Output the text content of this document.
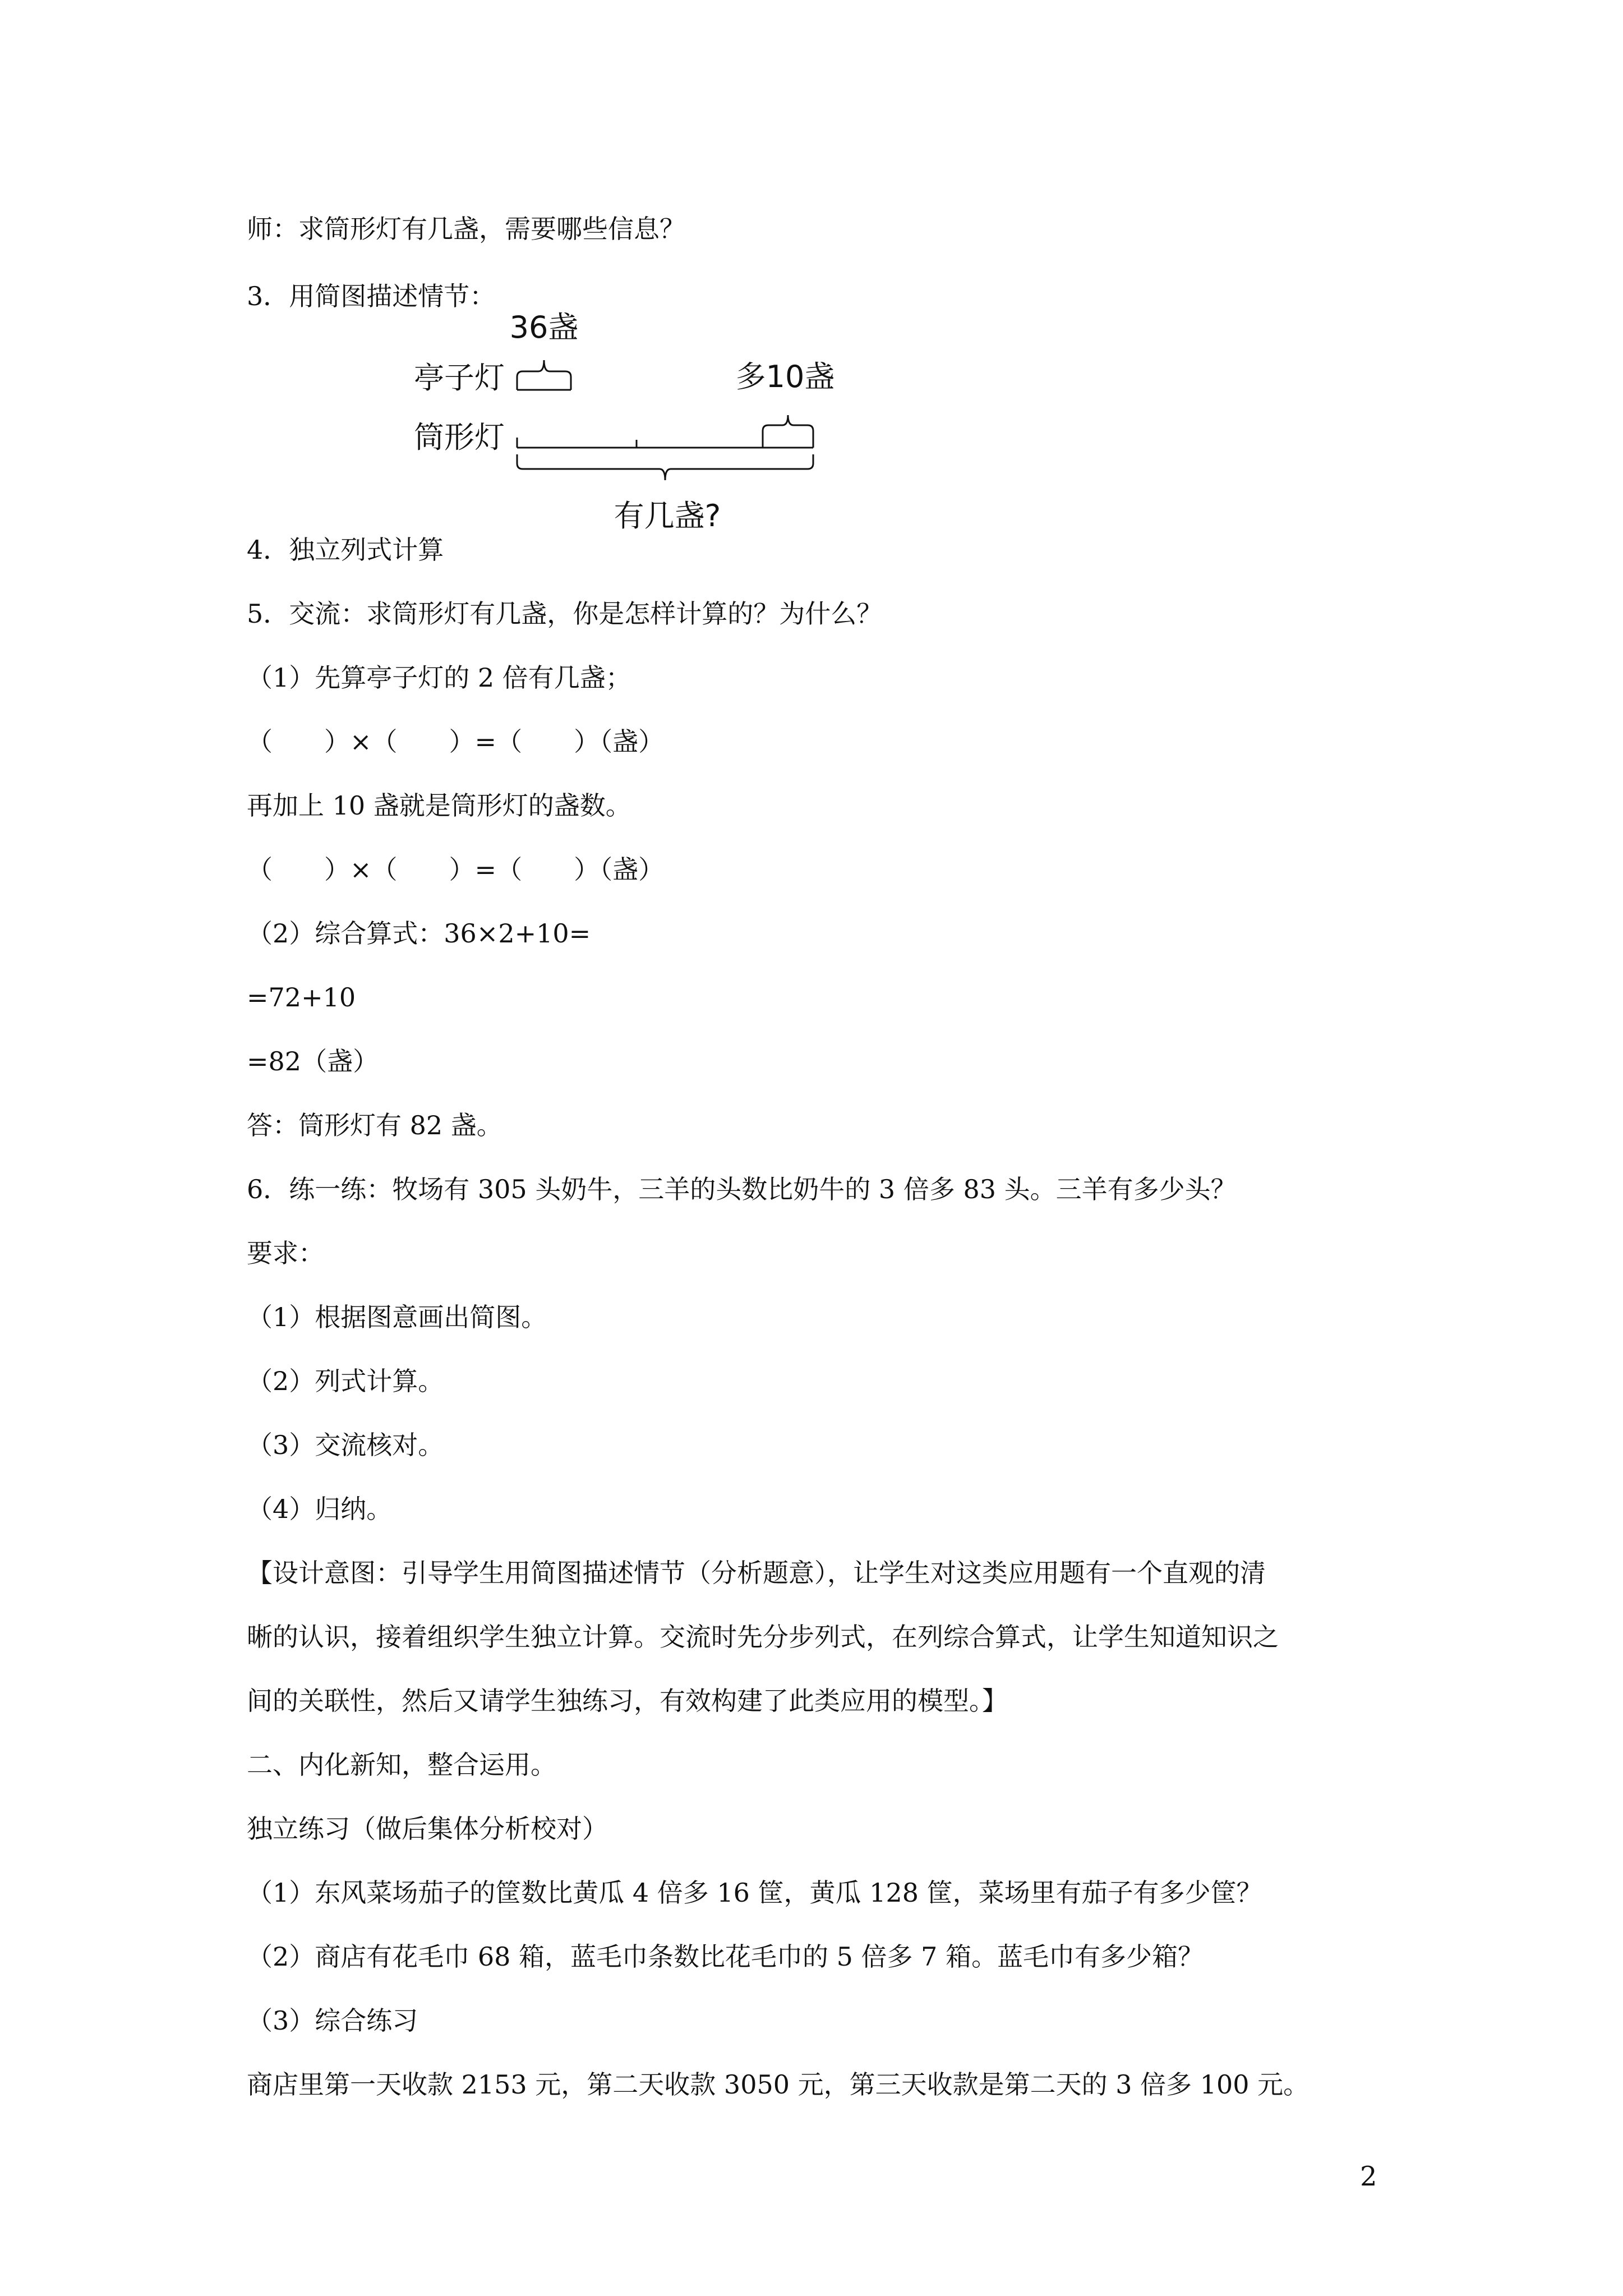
师：求筒形灯有几盏，需要哪些信息？

3．用简图描述情节：

36盏
亭子灯	多10盏
筒形灯
有几盏?

4．独立列式计算

5．交流：求筒形灯有几盏，你是怎样计算的？为什么？

（1）先算亭子灯的 2 倍有几盏；

（　　）×（　　）=（　　）（盏）

再加上 10 盏就是筒形灯的盏数。

（　　）×（　　）=（　　）（盏）

（2）综合算式：36×2+10=

=72+10

=82（盏）

答：筒形灯有 82 盏。

6．练一练：牧场有 305 头奶牛，三羊的头数比奶牛的 3 倍多 83 头。三羊有多少头？

要求：

（1）根据图意画出简图。

（2）列式计算。

（3）交流核对。

（4）归纳。

【设计意图：引导学生用简图描述情节（分析题意），让学生对这类应用题有一个直观的清

晰的认识，接着组织学生独立计算。交流时先分步列式，在列综合算式，让学生知道知识之

间的关联性，然后又请学生独练习，有效构建了此类应用的模型。】

二、内化新知，整合运用。

独立练习（做后集体分析校对）

（1）东风菜场茄子的筐数比黄瓜 4 倍多 16 筐，黄瓜 128 筐，菜场里有茄子有多少筐？

（2）商店有花毛巾 68 箱，蓝毛巾条数比花毛巾的 5 倍多 7 箱。蓝毛巾有多少箱？

（3）综合练习

商店里第一天收款 2153 元，第二天收款 3050 元，第三天收款是第二天的 3 倍多 100 元。

2
